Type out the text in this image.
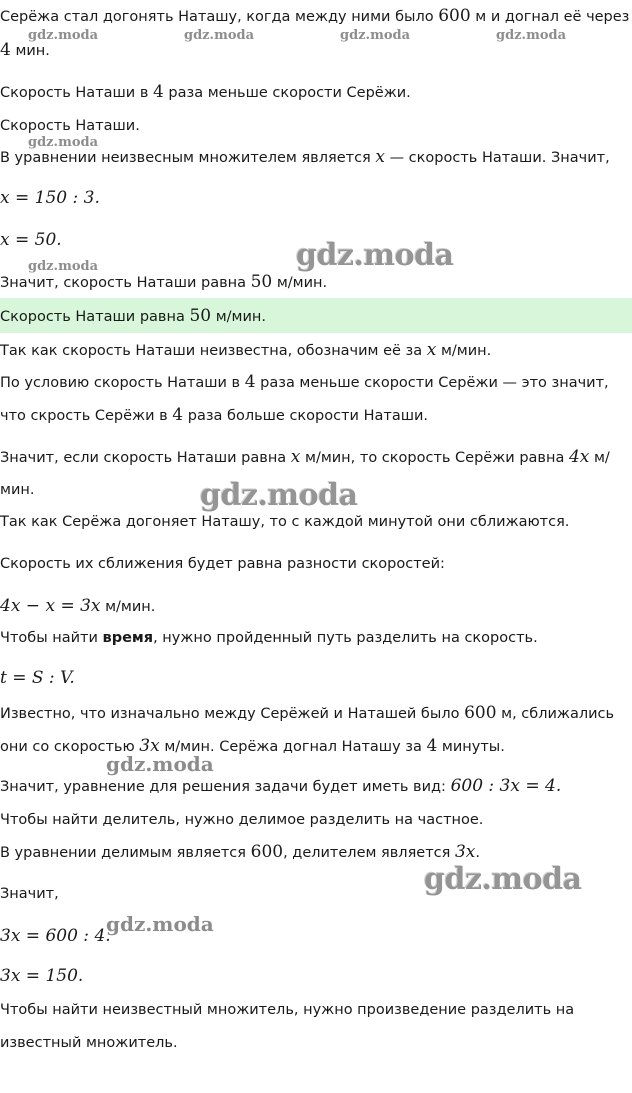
Серёжа стал догонять Наташу, когда между ними было 600 м и догнал её через
4 мин.
Скорость Наташи в 4 раза меньше скорости Серёжи.
Скорость Наташи.
В уравнении неизвесным множителем является x — скорость Наташи. Значит,
x = 150 : 3.
x = 50.
Значит, скорость Наташи равна 50 м/мин.
Скорость Наташи равна 50 м/мин.
Так как скорость Наташи неизвестна, обозначим её за x м/мин.
По условию скорость Наташи в 4 раза меньше скорости Серёжи — это значит,
что скрость Серёжи в 4 раза больше скорости Наташи.
Значит, если скорость Наташи равна x м/мин, то скорость Серёжи равна 4x м/
мин.
Так как Серёжа догоняет Наташу, то с каждой минутой они сближаются.
Скорость их сближения будет равна разности скоростей:
4x − x = 3x м/мин.
Чтобы найти время, нужно пройденный путь разделить на скорость.
t = S : V.
Известно, что изначально между Серёжей и Наташей было 600 м, сближались
они со скоростью 3x м/мин. Серёжа догнал Наташу за 4 минуты.
Значит, уравнение для решения задачи будет иметь вид: 600 : 3x = 4.
Чтобы найти делитель, нужно делимое разделить на частное.
В уравнении делимым является 600, делителем является 3x.
Значит,
3x = 600 : 4.
3x = 150.
Чтобы найти неизвестный множитель, нужно произведение разделить на
известный множитель.
gdz.moda	gdz.moda	gdz.moda	gdz.moda
gdz.moda
gdz.moda	gdz.moda
gdz.moda
gdz.moda
gdz.moda
gdz.moda
